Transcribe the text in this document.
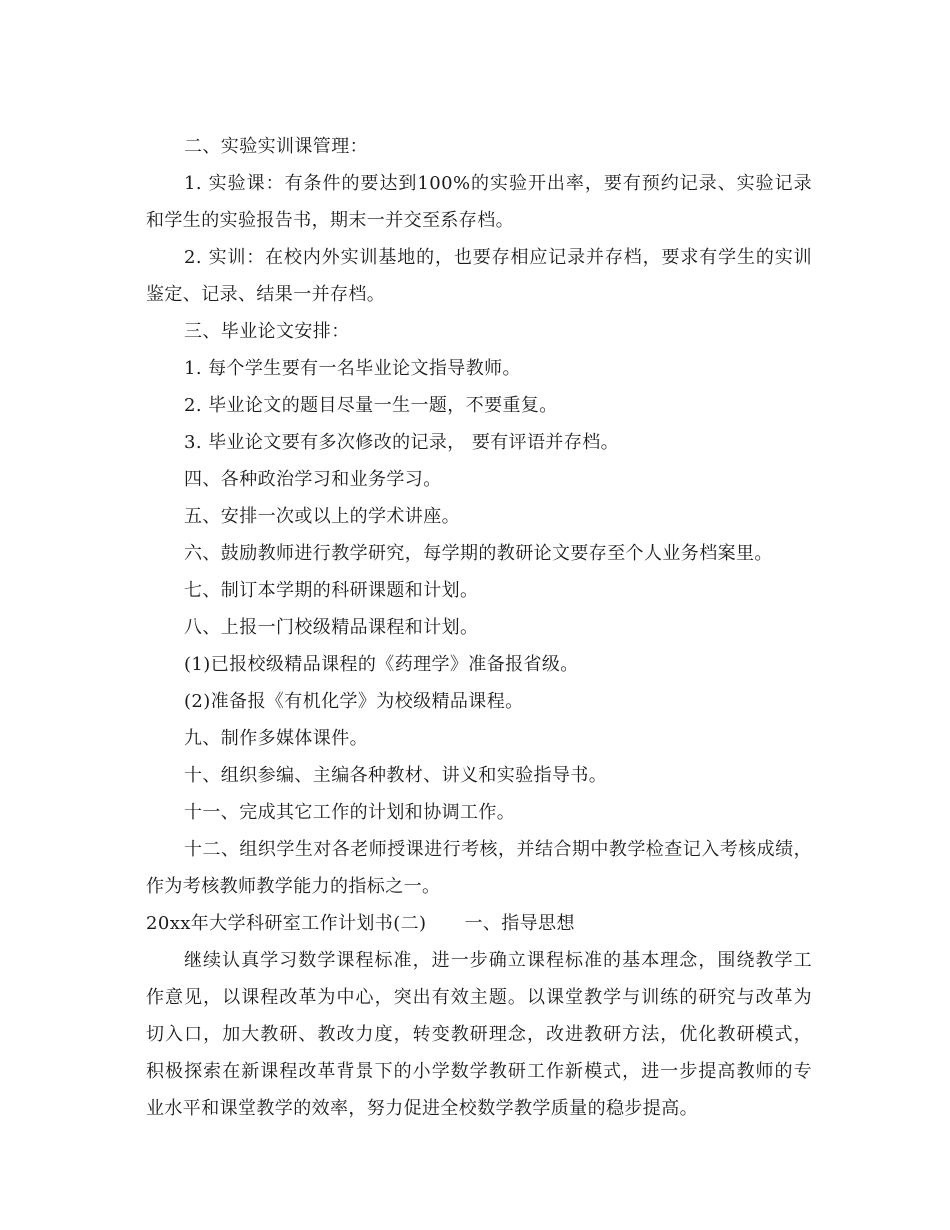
二、实验实训课管理：
1. 实验课：有条件的要达到100%的实验开出率，要有预约记录、实验记录
和学生的实验报告书，期末一并交至系存档。
2. 实训：在校内外实训基地的，也要存相应记录并存档，要求有学生的实训
鉴定、记录、结果一并存档。
三、毕业论文安排：
1. 每个学生要有一名毕业论文指导教师。
2. 毕业论文的题目尽量一生一题，不要重复。
3. 毕业论文要有多次修改的记录， 要有评语并存档。
四、各种政治学习和业务学习。
五、安排一次或以上的学术讲座。
六、鼓励教师进行教学研究，每学期的教研论文要存至个人业务档案里。
七、制订本学期的科研课题和计划。
八、上报一门校级精品课程和计划。
(1)已报校级精品课程的《药理学》准备报省级。
(2)准备报《有机化学》为校级精品课程。
九、制作多媒体课件。
十、组织参编、主编各种教材、讲义和实验指导书。
十一、完成其它工作的计划和协调工作。
十二、组织学生对各老师授课进行考核，并结合期中教学检查记入考核成绩，
作为考核教师教学能力的指标之一。
20xx年大学科研室工作计划书(二) 一、指导思想
继续认真学习数学课程标准，进一步确立课程标准的基本理念，围绕教学工
作意见，以课程改革为中心，突出有效主题。以课堂教学与训练的研究与改革为
切入口，加大教研、教改力度，转变教研理念，改进教研方法，优化教研模式，
积极探索在新课程改革背景下的小学数学教研工作新模式，进一步提高教师的专
业水平和课堂教学的效率，努力促进全校数学教学质量的稳步提高。
